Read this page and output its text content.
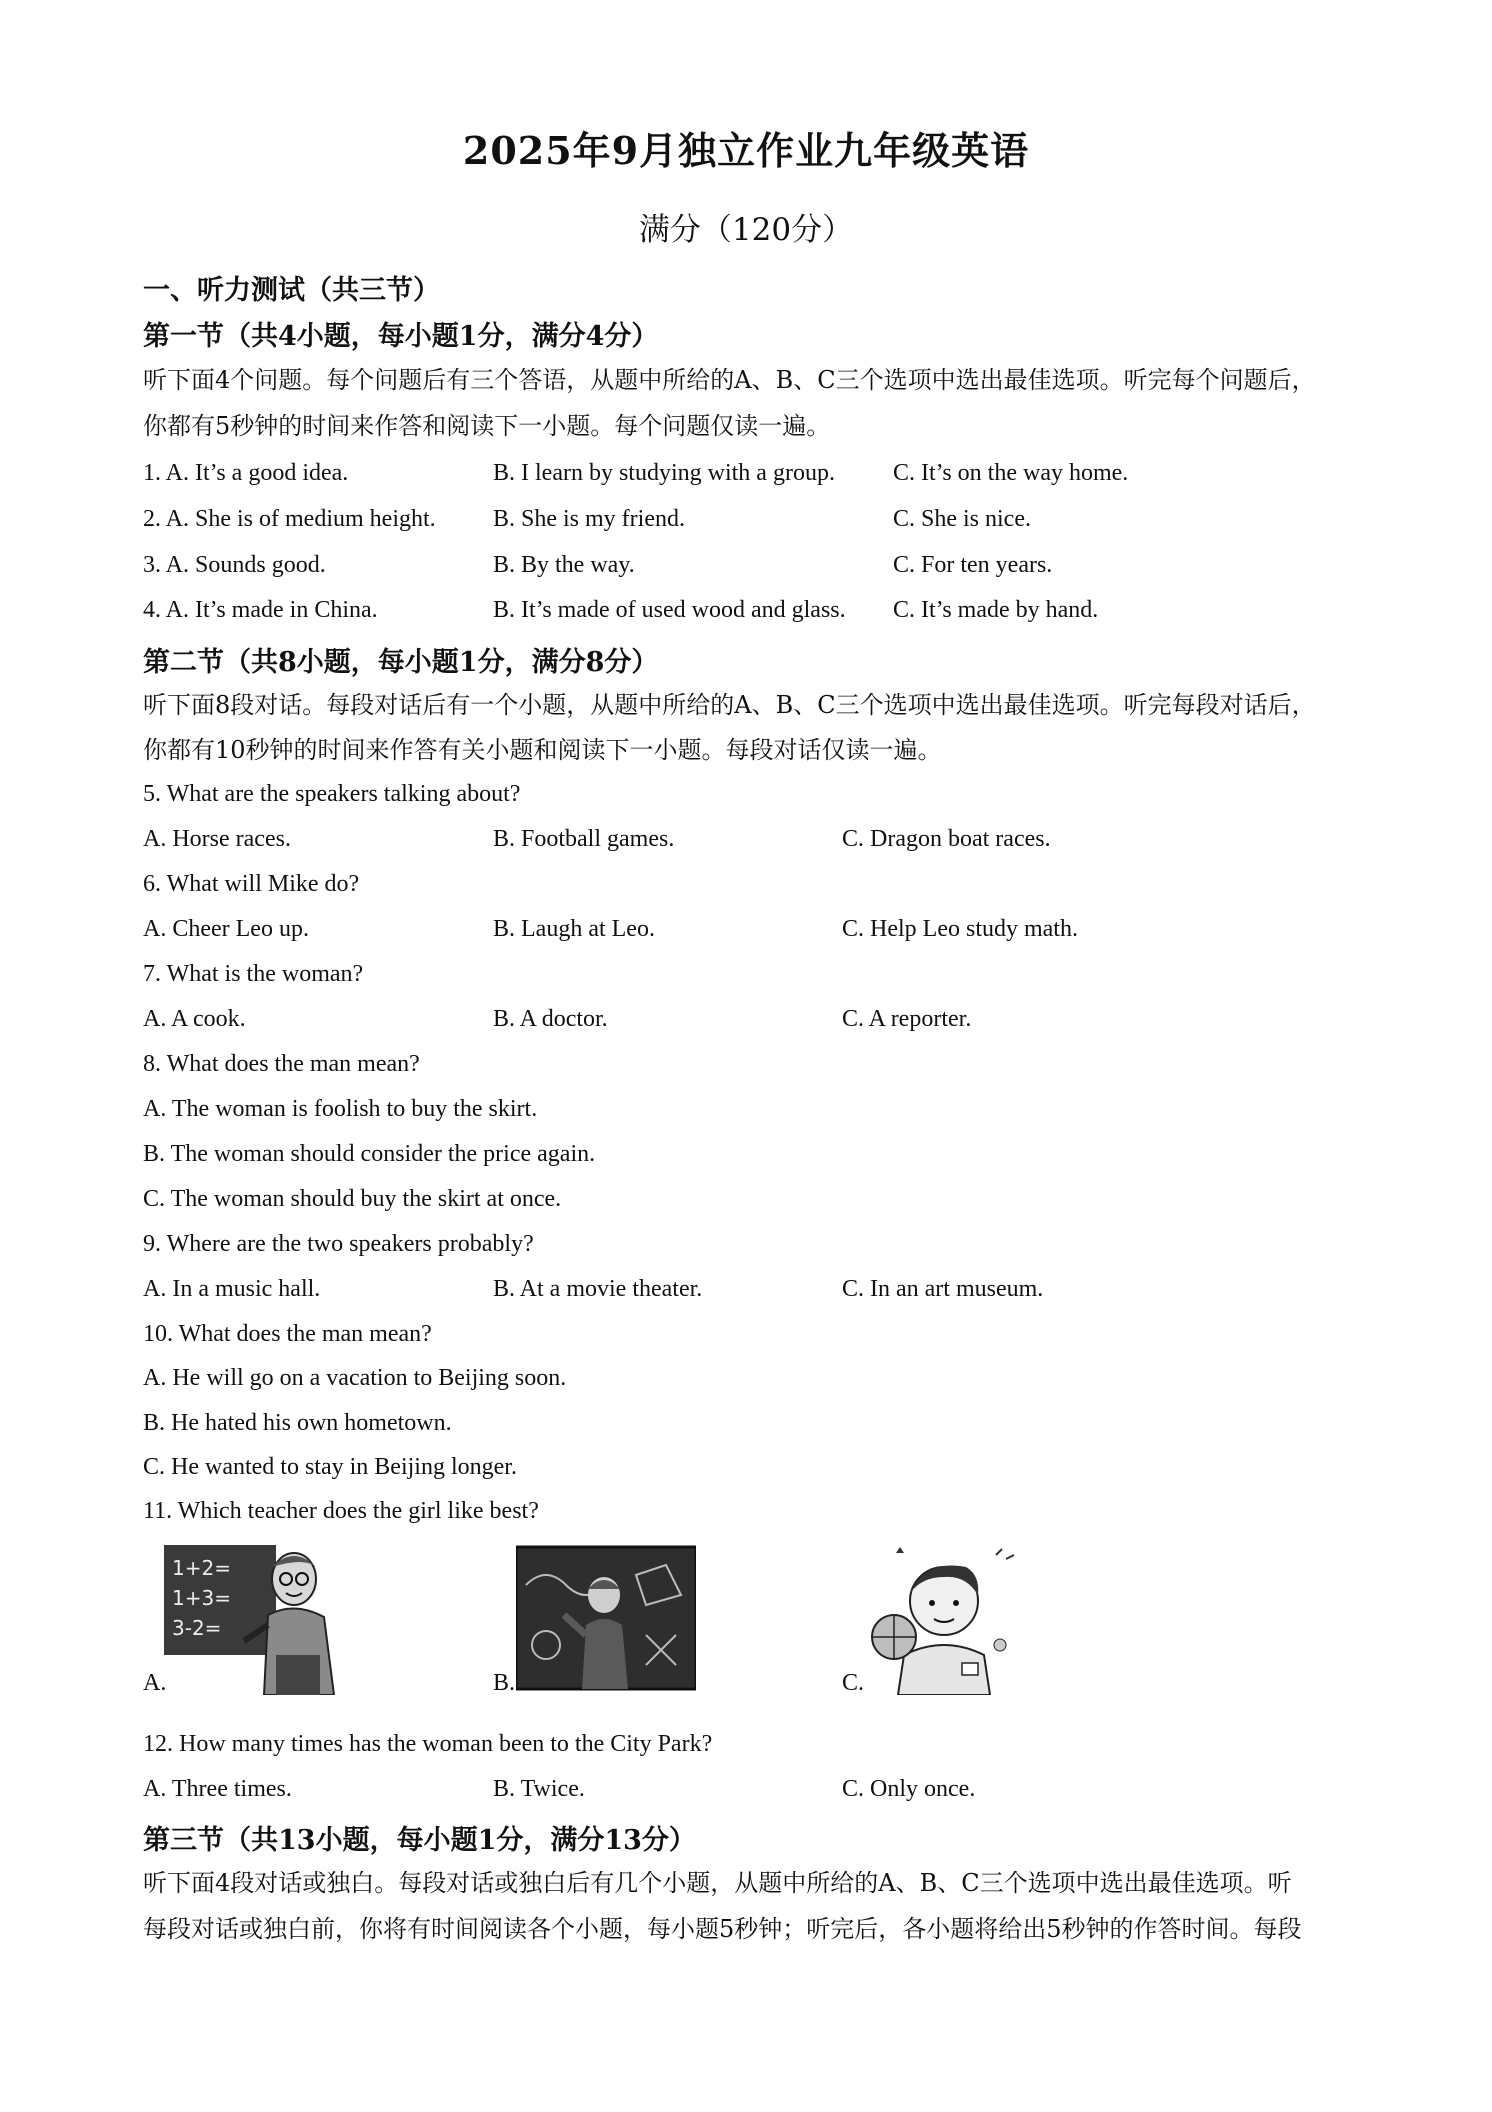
2025年9月独立作业九年级英语
满分（120分）
一、听力测试（共三节）
第一节（共4小题，每小题1分，满分4分）
听下面4个问题。每个问题后有三个答语，从题中所给的A、B、C三个选项中选出最佳选项。听完每个问题后，
你都有5秒钟的时间来作答和阅读下一小题。每个问题仅读一遍。
1. A. It’s a good idea.	B. I learn by studying with a group. C. It’s on the way home.
2. A. She is of medium height. B. She is my friend.	C. She is nice.
3. A. Sounds good.	B. By the way.	C. For ten years.
4. A. It’s made in China.	B. It’s made of used wood and glass. C. It’s made by hand.
第二节（共8小题，每小题1分，满分8分）
听下面8段对话。每段对话后有一个小题，从题中所给的A、B、C三个选项中选出最佳选项。听完每段对话后，
你都有10秒钟的时间来作答有关小题和阅读下一小题。每段对话仅读一遍。
5. What are the speakers talking about?
A. Horse races.	B. Football games.	C. Dragon boat races.
6. What will Mike do?
A. Cheer Leo up.	B. Laugh at Leo.	C. Help Leo study math.
7. What is the woman?
A. A cook.	B. A doctor.	C. A reporter.
8. What does the man mean?
A. The woman is foolish to buy the skirt.
B. The woman should consider the price again.
C. The woman should buy the skirt at once.
9. Where are the two speakers probably?
A. In a music hall.	B. At a movie theater.	C. In an art museum.
10. What does the man mean?
A. He will go on a vacation to Beijing soon.
B. He hated his own hometown.
C. He wanted to stay in Beijing longer.
11. Which teacher does the girl like best?
1+2=
1+3=
3-2=
A.	B.	C.
12. How many times has the woman been to the City Park?
A. Three times.	B. Twice.	C. Only once.
第三节（共13小题，每小题1分，满分13分）
听下面4段对话或独白。每段对话或独白后有几个小题，从题中所给的A、B、C三个选项中选出最佳选项。听
每段对话或独白前，你将有时间阅读各个小题，每小题5秒钟；听完后，各小题将给出5秒钟的作答时间。每段
